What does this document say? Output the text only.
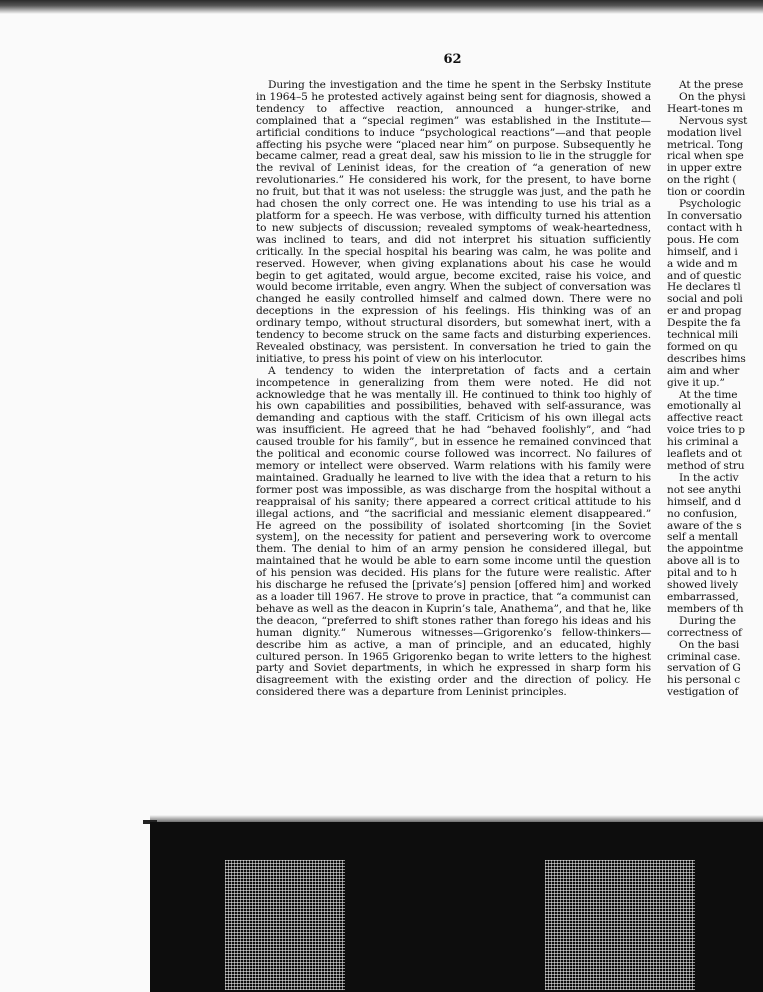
62

During the investigation and the time he spent in the Serbsky Institute in 1964–5 he protested actively against being sent for diagnosis, showed a tendency to affective reaction, announced a hunger-strike, and complained that a “special regimen” was established in the Institute—artificial conditions to induce “psychological reactions”—and that people affecting his psyche were “placed near him” on purpose. Subsequently he became calmer, read a great deal, saw his mission to lie in the struggle for the revival of Leninist ideas, for the creation of “a generation of new revolutionaries.” He considered his work, for the present, to have borne no fruit, but that it was not useless: the struggle was just, and the path he had chosen the only correct one. He was intending to use his trial as a platform for a speech. He was verbose, with difficulty turned his attention to new subjects of discussion; revealed symptoms of weak-heartedness, was inclined to tears, and did not interpret his situation sufficiently critically. In the special hospital his bearing was calm, he was polite and reserved. However, when giving explanations about his case he would begin to get agitated, would argue, become excited, raise his voice, and would become irritable, even angry. When the subject of conversation was changed he easily controlled himself and calmed down. There were no deceptions in the expression of his feelings. His thinking was of an ordinary tempo, without structural disorders, but somewhat inert, with a tendency to become struck on the same facts and disturbing experiences. Revealed obstinacy, was persistent. In conversation he tried to gain the initiative, to press his point of view on his interlocutor.

A tendency to widen the interpretation of facts and a certain incompetence in generalizing from them were noted. He did not acknowledge that he was mentally ill. He continued to think too highly of his own capabilities and possibilities, behaved with self-assurance, was demanding and captious with the staff. Criticism of his own illegal acts was insufficient. He agreed that he had “behaved foolishly”, and “had caused trouble for his family”, but in essence he remained convinced that the political and economic course followed was incorrect. No failures of memory or intellect were observed. Warm relations with his family were maintained. Gradually he learned to live with the idea that a return to his former post was impossible, as was discharge from the hospital without a reappraisal of his sanity; there appeared a correct critical attitude to his illegal actions, and “the sacrificial and messianic element disappeared.” He agreed on the possibility of isolated shortcoming [in the Soviet system], on the necessity for patient and persevering work to overcome them. The denial to him of an army pension he considered illegal, but maintained that he would be able to earn some income until the question of his pension was decided. His plans for the future were realistic. After his discharge he refused the [private’s] pension [offered him] and worked as a loader till 1967. He strove to prove in practice, that “a communist can behave as well as the deacon in Kuprin’s tale, Anathema”, and that he, like the deacon, “preferred to shift stones rather than forego his ideas and his human dignity.” Numerous witnesses—Grigorenko’s fellow-thinkers—describe him as active, a man of principle, and an educated, highly cultured person. In 1965 Grigorenko began to write letters to the highest party and Soviet departments, in which he expressed in sharp form his disagreement with the existing order and the direction of policy. He considered there was a departure from Leninist principles.

At the prese
On the physi
Heart-tones m
Nervous syst
modation livel
metrical. Tong
rical when spe
in upper extre
on the right (
tion or coordin
Psychologic
In conversatio
contact with h
pous. He com
himself, and i
a wide and m
and of questic
He declares tl
social and poli
er and propag
Despite the fa
technical mili
formed on qu
describes hims
aim and wher
give it up.”
At the time
emotionally al
affective react
voice tries to p
his criminal a
leaflets and ot
method of stru
In the activ
not see anythi
himself, and d
no confusion,
aware of the s
self a mentall
the appointme
above all is to
pital and to h
showed lively
embarrassed,
members of th
During the
correctness of
On the basi
criminal case.
servation of G
his personal c
vestigation of
